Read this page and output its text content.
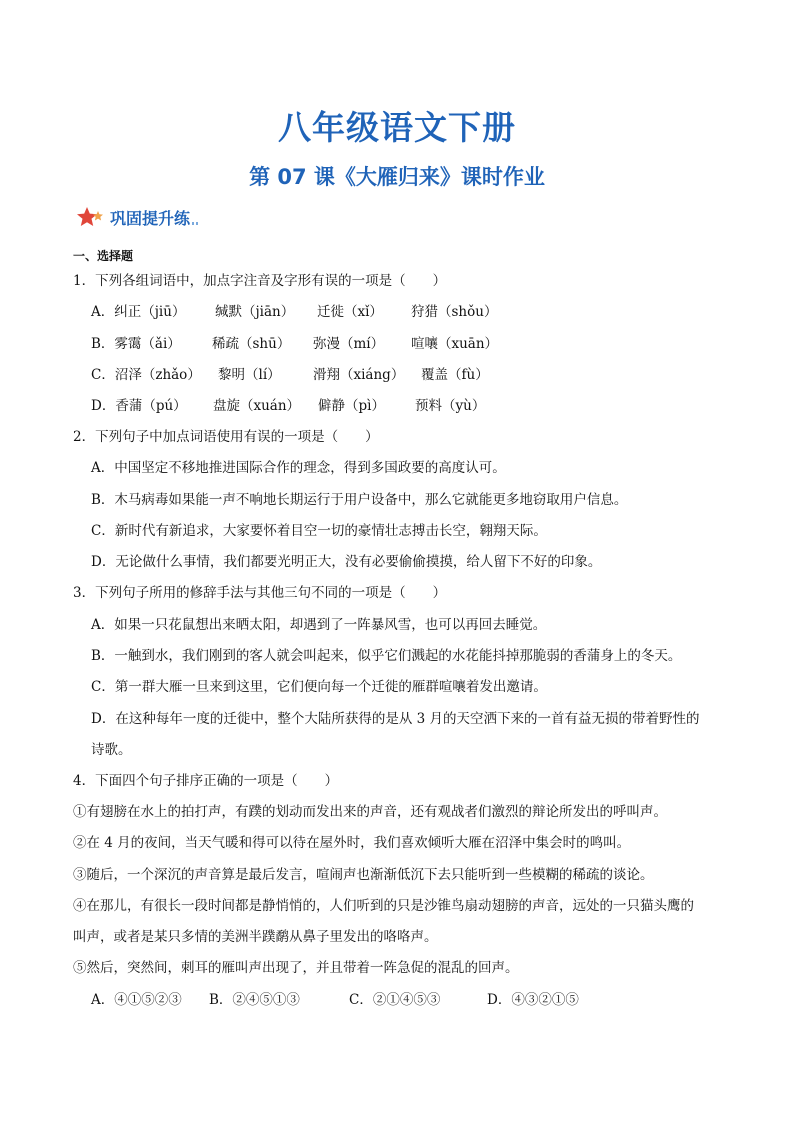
八年级语文下册
第 07 课《大雁归来》课时作业
巩固提升练
一、选择题
1．下列各组词语中，加点字注音及字形有误的一项是（　　）
A．纠正（jiū） 缄默（jiān） 迁徙（xǐ） 狩猎（shǒu）
B．雾霭（ǎi） 稀疏（shū） 弥漫（mí） 喧嚷（xuān）
C．沼泽（zhǎo） 黎明（lí） 滑翔（xiáng） 覆盖（fù）
D．香蒲（pú） 盘旋（xuán） 僻静（pì） 预料（yù）
2．下列句子中加点词语使用有误的一项是（　　）
A．中国坚定不移地推进国际合作的理念，得到多国政要的高度认可。
B．木马病毒如果能一声不响地长期运行于用户设备中，那么它就能更多地窃取用户信息。
C．新时代有新追求，大家要怀着目空一切的豪情壮志搏击长空，翱翔天际。
D．无论做什么事情，我们都要光明正大，没有必要偷偷摸摸，给人留下不好的印象。
3．下列句子所用的修辞手法与其他三句不同的一项是（　　）
A．如果一只花鼠想出来晒太阳，却遇到了一阵暴风雪，也可以再回去睡觉。
B．一触到水，我们刚到的客人就会叫起来，似乎它们溅起的水花能抖掉那脆弱的香蒲身上的冬天。
C．第一群大雁一旦来到这里，它们便向每一个迁徙的雁群喧嚷着发出邀请。
D．在这种每年一度的迁徙中，整个大陆所获得的是从 3 月的天空洒下来的一首有益无损的带着野性的
诗歌。
4．下面四个句子排序正确的一项是（　　）
①有翅膀在水上的拍打声，有蹼的划动而发出来的声音，还有观战者们激烈的辩论所发出的呼叫声。
②在 4 月的夜间，当天气暖和得可以待在屋外时，我们喜欢倾听大雁在沼泽中集会时的鸣叫。
③随后，一个深沉的声音算是最后发言，喧闹声也渐渐低沉下去只能听到一些模糊的稀疏的谈论。
④在那儿，有很长一段时间都是静悄悄的，人们听到的只是沙锥鸟扇动翅膀的声音，远处的一只猫头鹰的
叫声，或者是某只多情的美洲半蹼鹬从鼻子里发出的咯咯声。
⑤然后，突然间，刺耳的雁叫声出现了，并且带着一阵急促的混乱的回声。
A．④①⑤②③ B．②④⑤①③	C．②①④⑤③	D．④③②①⑤
